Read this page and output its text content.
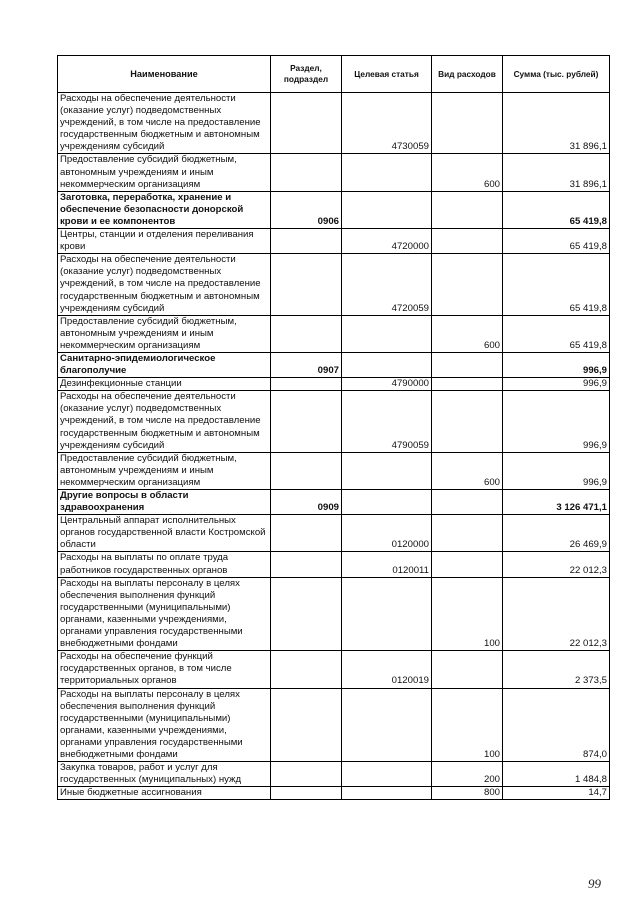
Наименование	Раздел, подраздел	Целевая статья	Вид расходов	Сумма (тыс. рублей)
Расходы на обеспечение деятельности (оказание услуг) подведомственных учреждений, в том числе на предоставление государственным бюджетным и автономным учреждениям субсидий		4730059		31 896,1
Предоставление субсидий бюджетным, автономным учреждениям и иным некоммерческим организациям			600	31 896,1
Заготовка, переработка, хранение и обеспечение безопасности донорской крови и ее компонентов	0906			65 419,8
Центры, станции и отделения переливания крови		4720000		65 419,8
Расходы на обеспечение деятельности (оказание услуг) подведомственных учреждений, в том числе на предоставление государственным бюджетным и автономным учреждениям субсидий		4720059		65 419,8
Предоставление субсидий бюджетным, автономным учреждениям и иным некоммерческим организациям			600	65 419,8
Санитарно-эпидемиологическое благополучие	0907			996,9
Дезинфекционные станции		4790000		996,9
Расходы на обеспечение деятельности (оказание услуг) подведомственных учреждений, в том числе на предоставление государственным бюджетным и автономным учреждениям субсидий		4790059		996,9
Предоставление субсидий бюджетным, автономным учреждениям и иным некоммерческим организациям			600	996,9
Другие вопросы в области здравоохранения	0909			3 126 471,1
Центральный аппарат исполнительных органов государственной власти Костромской области		0120000		26 469,9
Расходы на выплаты по оплате труда работников государственных органов		0120011		22 012,3
Расходы на выплаты персоналу в целях обеспечения выполнения функций государственными (муниципальными) органами, казенными учреждениями, органами управления государственными внебюджетными фондами			100	22 012,3
Расходы на обеспечение функций государственных органов, в том числе территориальных органов		0120019		2 373,5
Расходы на выплаты персоналу в целях обеспечения выполнения функций государственными (муниципальными) органами, казенными учреждениями, органами управления государственными внебюджетными фондами			100	874,0
Закупка товаров, работ и услуг для государственных (муниципальных) нужд			200	1 484,8
Иные бюджетные ассигнования			800	14,7
99
